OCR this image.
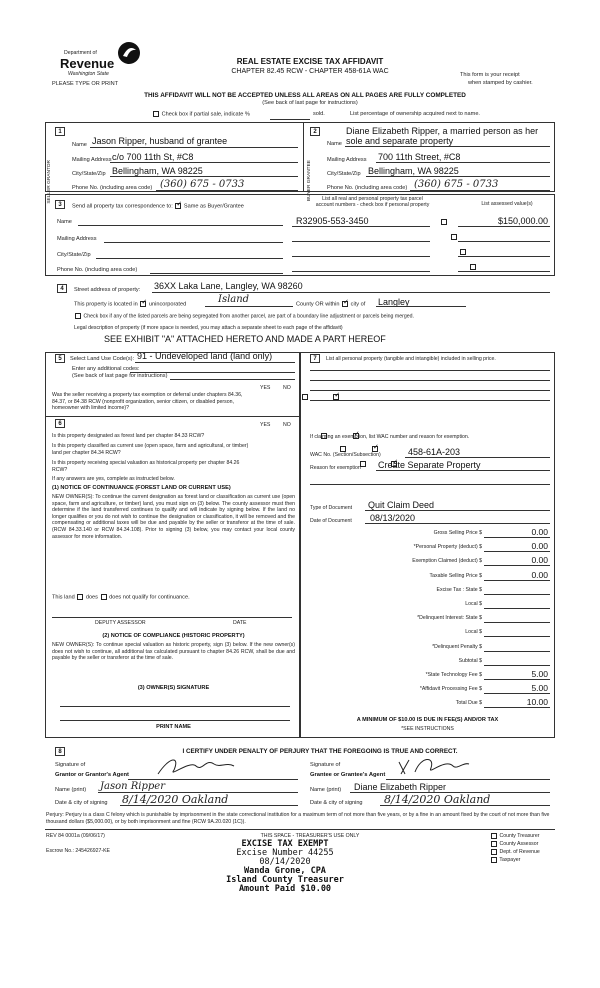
Department of
Revenue
Washington State
PLEASE TYPE OR PRINT
REAL ESTATE EXCISE TAX AFFIDAVIT
CHAPTER 82.45 RCW - CHAPTER 458-61A WAC	This form is your receipt
when stamped by cashier.
THIS AFFIDAVIT WILL NOT BE ACCEPTED UNLESS ALL AREAS ON ALL PAGES ARE FULLY COMPLETED
(See back of last page for instructions)
Check box if partial sale, indicate %	sold.	List percentage of ownership acquired next to name.
1
SELLER GRANTOR
Name Jason Ripper, husband of grantee
Mailing Address c/o 700 11th St, #C8
City/State/Zip Bellingham, WA 98225
Phone No. (including area code) (360) 675 - 0733
2
BUYER GRANTEE
Diane Elizabeth Ripper, a married person as her
Name sole and separate property
Mailing Address 700 11th Street, #C8
City/State/Zip Bellingham, WA 98225
Phone No. (including area code) (360) 675 - 0733
3	Send all property tax correspondence to: ✓ Same as Buyer/Grantee
List all real and personal property tax parcel
account numbers - check box if personal property	List assessed value(s)
Name
Mailing Address
City/State/Zip
Phone No. (including area code)
R32905-553-3450	$150,000.00

4	Street address of property: 36XX Laka Lane, Langley, WA 98260
This property is located in ✓ unincorporated	Island	County OR within ✓ city of Langley
Check box if any of the listed parcels are being segregated from another parcel, are part of a boundary line adjustment or parcels being merged.
Legal description of property (if more space is needed, you may attach a separate sheet to each page of the affidavit)
SEE EXHIBIT "A" ATTACHED HERETO AND MADE A PART HEREOF
5	Select Land Use Code(s): 91 - Undeveloped land (land only)
Enter any additional codes:
(See back of last page for instructions)
YES NO
Was the seller receiving a property tax exemption or deferral under chapters 84.36, 84.37, or 84.38 RCW (nonprofit organization, senior citizen, or disabled person, homeowner with limited income)?
✓
6	YES NO
Is this property designated as forest land per chapter 84.33 RCW?
✓
Is this property classified as current use (open space, farm and agricultural, or timber) land per chapter 84.34 RCW?
✓
Is this property receiving special valuation as historical property per chapter 84.26 RCW?
✓
If any answers are yes, complete as instructed below.
(1) NOTICE OF CONTINUANCE (FOREST LAND OR CURRENT USE)
NEW OWNER(S): To continue the current designation as forest land or classification as current use (open space, farm and agriculture, or timber) land, you must sign on (3) below. The county assessor must then determine if the land transferred continues to qualify and will indicate by signing below. If the land no longer qualifies or you do not wish to continue the designation or classification, it will be removed and the compensating or additional taxes will be due and payable by the seller or transferor at the time of sale. (RCW 84.33.140 or RCW 84.34.108). Prior to signing (3) below, you may contact your local county assessor for more information.
This land does does not qualify for continuance.
DEPUTY ASSESSOR	DATE
(2) NOTICE OF COMPLIANCE (HISTORIC PROPERTY)
NEW OWNER(S): To continue special valuation as historic property, sign (3) below. If the new owner(s) does not wish to continue, all additional tax calculated pursuant to chapter 84.26 RCW, shall be due and payable by the seller or transferor at the time of sale.
(3) OWNER(S) SIGNATURE
PRINT NAME
7	List all personal property (tangible and intangible) included in selling price.
If claiming an exemption, list WAC number and reason for exemption.
WAC No. (Section/Subsection)	458-61A-203
Reason for exemption Create Separate Property
Type of Document Quit Claim Deed
Date of Document 08/13/2020
Gross Selling Price $	0.00
*Personal Property (deduct) $	0.00
Exemption Claimed (deduct) $	0.00
Taxable Selling Price $	0.00
Excise Tax : State $
Local $
*Delinquent Interest: State $
Local $
*Delinquent Penalty $
Subtotal $
*State Technology Fee $	5.00
*Affidavit Processing Fee $	5.00
Total Due $	10.00
A MINIMUM OF $10.00 IS DUE IN FEE(S) AND/OR TAX
*SEE INSTRUCTIONS
8	I CERTIFY UNDER PENALTY OF PERJURY THAT THE FOREGOING IS TRUE AND CORRECT.
Signature of
Grantor or Grantor's Agent
Name (print) Jason Ripper
Date & city of signing 8/14/2020 Oakland
Signature of
Grantee or Grantee's Agent
Name (print) Diane Elizabeth Ripper
Date & city of signing 8/14/2020 Oakland
Perjury: Perjury is a class C felony which is punishable by imprisonment in the state correctional institution for a maximum term of not more than five years, or by a fine in an amount fixed by the court of not more than five thousand dollars ($5,000.00), or by both imprisonment and fine (RCW 9A.20.020 (1C)).
REV 84 0001a (09/06/17)	THIS SPACE - TREASURER'S USE ONLY
Escrow No.: 245426927-KE
EXCISE TAX EXEMPT
Excise Number 44255
08/14/2020
Wanda Grone, CPA
Island County Treasurer
Amount Paid $10.00
County Treasurer
County Assessor
Dept. of Revenue
Taxpayer
